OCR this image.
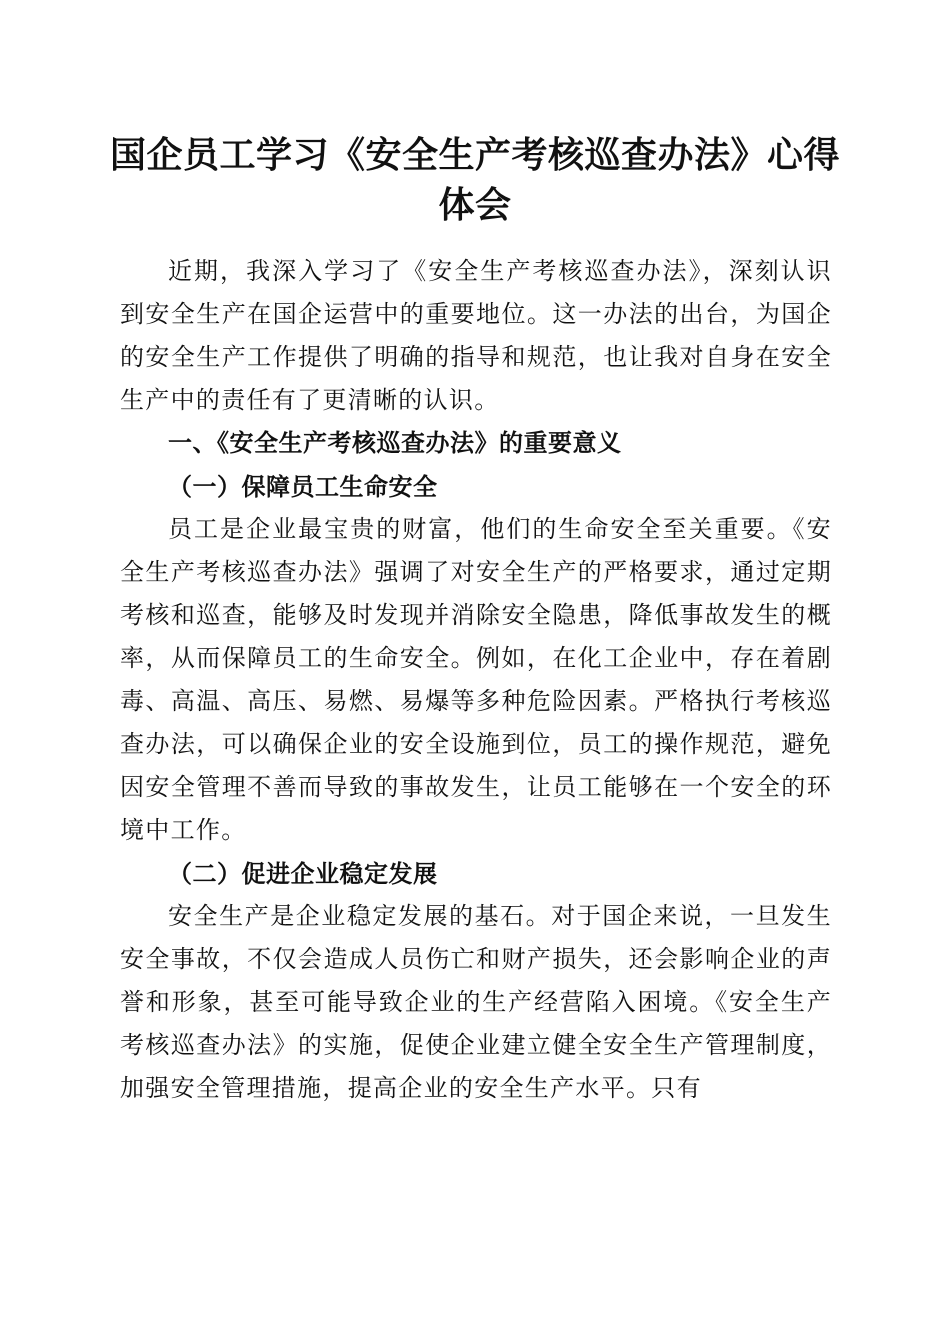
国企员工学习《安全生产考核巡查办法》心得
体会

近期，我深入学习了《安全生产考核巡查办法》，深刻认识到安全生产在国企运营中的重要地位。这一办法的出台，为国企的安全生产工作提供了明确的指导和规范，也让我对自身在安全生产中的责任有了更清晰的认识。

一、《安全生产考核巡查办法》的重要意义

（一）保障员工生命安全

员工是企业最宝贵的财富，他们的生命安全至关重要。《安全生产考核巡查办法》强调了对安全生产的严格要求，通过定期考核和巡查，能够及时发现并消除安全隐患，降低事故发生的概率，从而保障员工的生命安全。例如，在化工企业中，存在着剧毒、高温、高压、易燃、易爆等多种危险因素。严格执行考核巡查办法，可以确保企业的安全设施到位，员工的操作规范，避免因安全管理不善而导致的事故发生，让员工能够在一个安全的环境中工作。

（二）促进企业稳定发展

安全生产是企业稳定发展的基石。对于国企来说，一旦发生安全事故，不仅会造成人员伤亡和财产损失，还会影响企业的声誉和形象，甚至可能导致企业的生产经营陷入困境。《安全生产考核巡查办法》的实施，促使企业建立健全安全生产管理制度，加强安全管理措施，提高企业的安全生产水平。只有
